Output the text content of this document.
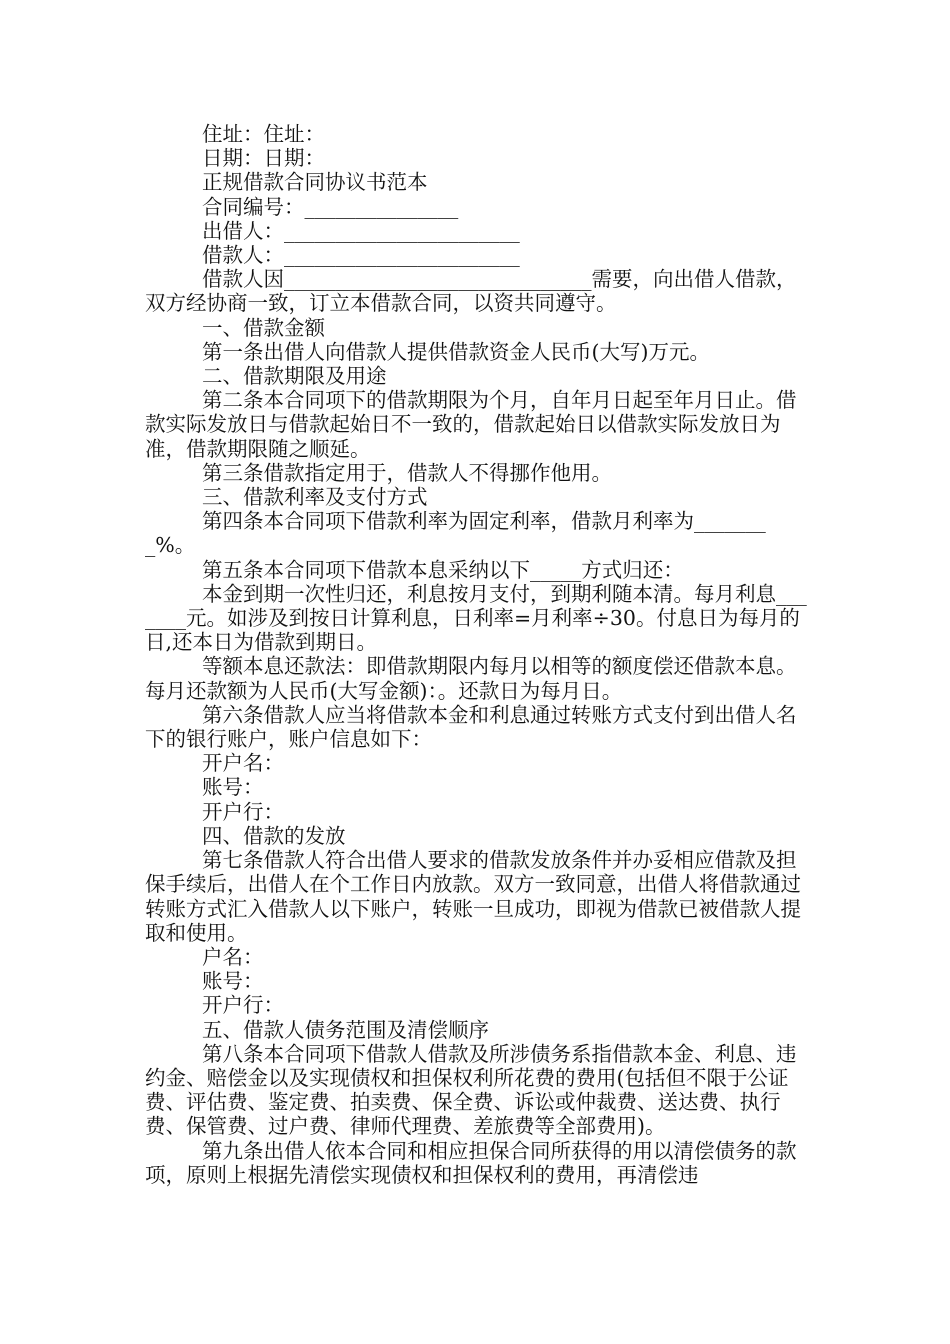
住址：住址：

日期：日期：

正规借款合同协议书范本

合同编号：_______________

出借人：_______________________

借款人：_______________________

借款人因______________________________需要，向出借人借款，双方经协商一致，订立本借款合同，以资共同遵守。

一、借款金额

第一条出借人向借款人提供借款资金人民币(大写)万元。

二、借款期限及用途

第二条本合同项下的借款期限为个月，自年月日起至年月日止。借款实际发放日与借款起始日不一致的，借款起始日以借款实际发放日为准，借款期限随之顺延。

第三条借款指定用于，借款人不得挪作他用。

三、借款利率及支付方式

第四条本合同项下借款利率为固定利率，借款月利率为________%。

第五条本合同项下借款本息采纳以下_____方式归还：

本金到期一次性归还，利息按月支付，到期利随本清。每月利息_______元。如涉及到按日计算利息，日利率=月利率÷30。付息日为每月的日,还本日为借款到期日。

等额本息还款法：即借款期限内每月以相等的额度偿还借款本息。每月还款额为人民币(大写金额)：。还款日为每月日。

第六条借款人应当将借款本金和利息通过转账方式支付到出借人名下的银行账户，账户信息如下：

开户名：

账号：

开户行：

四、借款的发放

第七条借款人符合出借人要求的借款发放条件并办妥相应借款及担保手续后，出借人在个工作日内放款。双方一致同意，出借人将借款通过转账方式汇入借款人以下账户，转账一旦成功，即视为借款已被借款人提取和使用。

户名：

账号：

开户行：

五、借款人债务范围及清偿顺序

第八条本合同项下借款人借款及所涉债务系指借款本金、利息、违约金、赔偿金以及实现债权和担保权利所花费的费用(包括但不限于公证费、评估费、鉴定费、拍卖费、保全费、诉讼或仲裁费、送达费、执行费、保管费、过户费、律师代理费、差旅费等全部费用)。

第九条出借人依本合同和相应担保合同所获得的用以清偿债务的款项，原则上根据先清偿实现债权和担保权利的费用，再清偿违
